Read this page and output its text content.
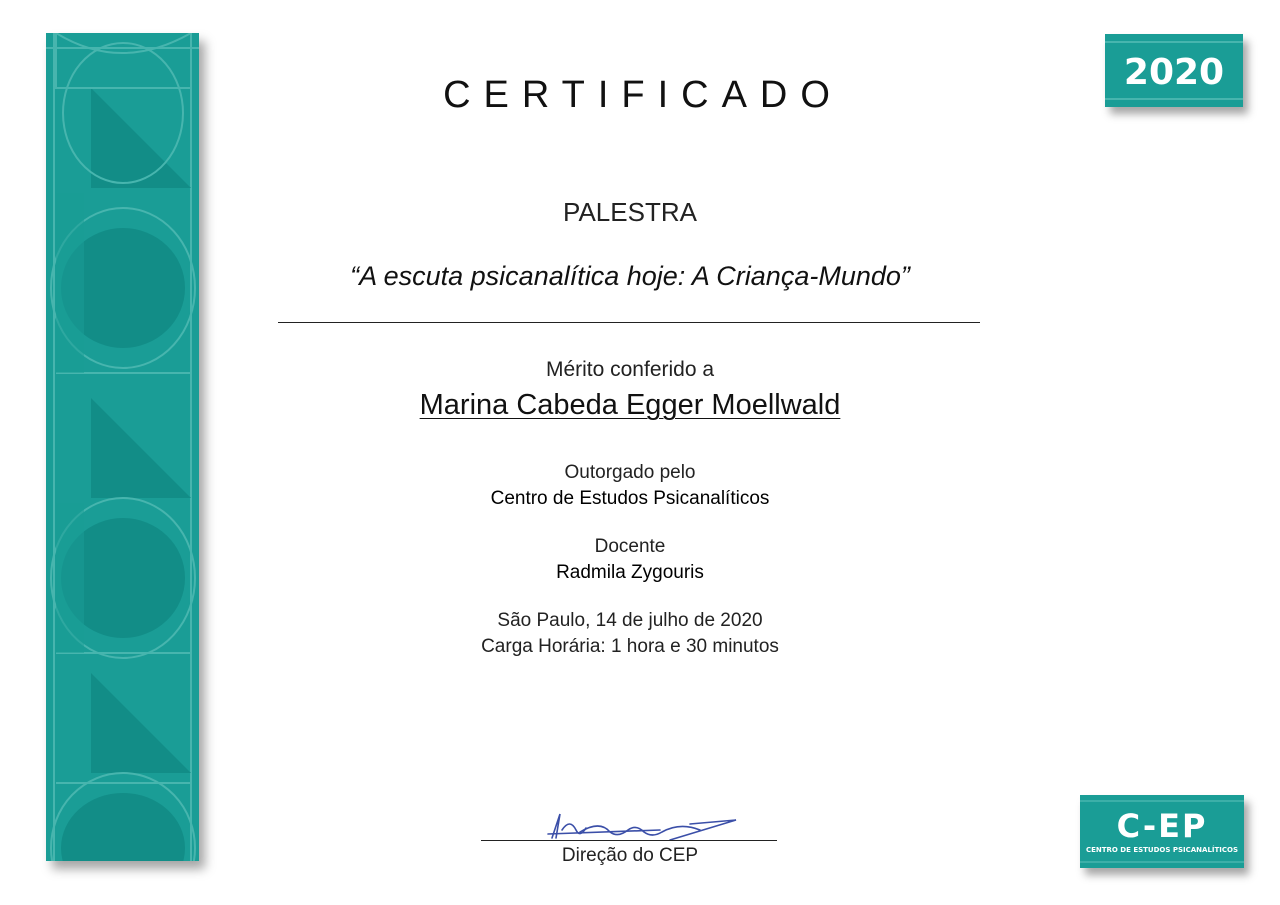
2020
C-EP
CENTRO DE ESTUDOS PSICANALÍTICOS
CERTIFICADO
PALESTRA
“A escuta psicanalítica hoje: A Criança-Mundo”
Mérito conferido a
Marina Cabeda Egger Moellwald
Outorgado pelo
Centro de Estudos Psicanalíticos
Docente
Radmila Zygouris
São Paulo, 14 de julho de 2020
Carga Horária: 1 hora e 30 minutos
Direção do CEP
